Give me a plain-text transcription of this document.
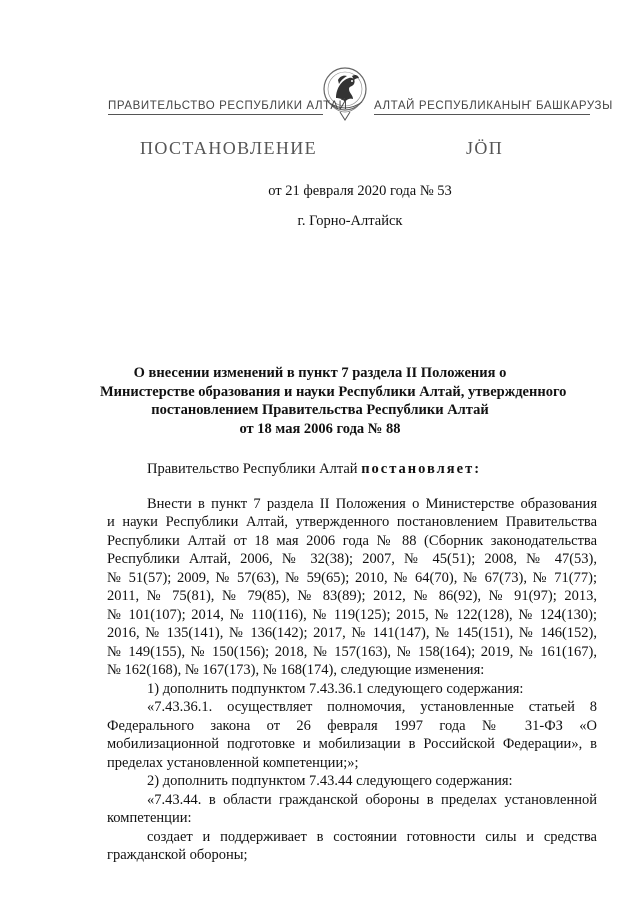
ПРАВИТЕЛЬСТВО РЕСПУБЛИКИ АЛТАЙ АЛТАЙ РЕСПУБЛИКАНЫҤ БАШКАРУЗЫ
ПОСТАНОВЛЕНИЕ	ЈӦП
от 21 февраля 2020 года № 53
г. Горно-Алтайск
О внесении изменений в пункт 7 раздела II Положения о
Министерстве образования и науки Республики Алтай, утвержденного
постановлением Правительства Республики Алтай
от 18 мая 2006 года № 88

Правительство Республики Алтай постановляет:

Внести в пункт 7 раздела II Положения о Министерстве образования
и науки Республики Алтай, утвержденного постановлением Правительства
Республики Алтай от 18 мая 2006 года № 88 (Сборник законодательства
Республики Алтай, 2006, № 32(38); 2007, № 45(51); 2008, № 47(53),
№ 51(57); 2009, № 57(63), № 59(65); 2010, № 64(70), № 67(73), № 71(77);
2011, № 75(81), № 79(85), № 83(89); 2012, № 86(92), № 91(97); 2013,
№ 101(107); 2014, № 110(116), № 119(125); 2015, № 122(128), № 124(130);
2016, № 135(141), № 136(142); 2017, № 141(147), № 145(151), № 146(152),
№ 149(155), № 150(156); 2018, № 157(163), № 158(164); 2019, № 161(167),
№ 162(168), № 167(173), № 168(174), следующие изменения:

1) дополнить подпунктом 7.43.36.1 следующего содержания:
«7.43.36.1. осуществляет полномочия, установленные статьей 8
Федерального закона от 26 февраля 1997 года № 31-ФЗ «О
мобилизационной подготовке и мобилизации в Российской Федерации», в
пределах установленной компетенции;»;

2) дополнить подпунктом 7.43.44 следующего содержания:
«7.43.44. в области гражданской обороны в пределах установленной
компетенции:
создает и поддерживает в состоянии готовности силы и средства
гражданской обороны;
